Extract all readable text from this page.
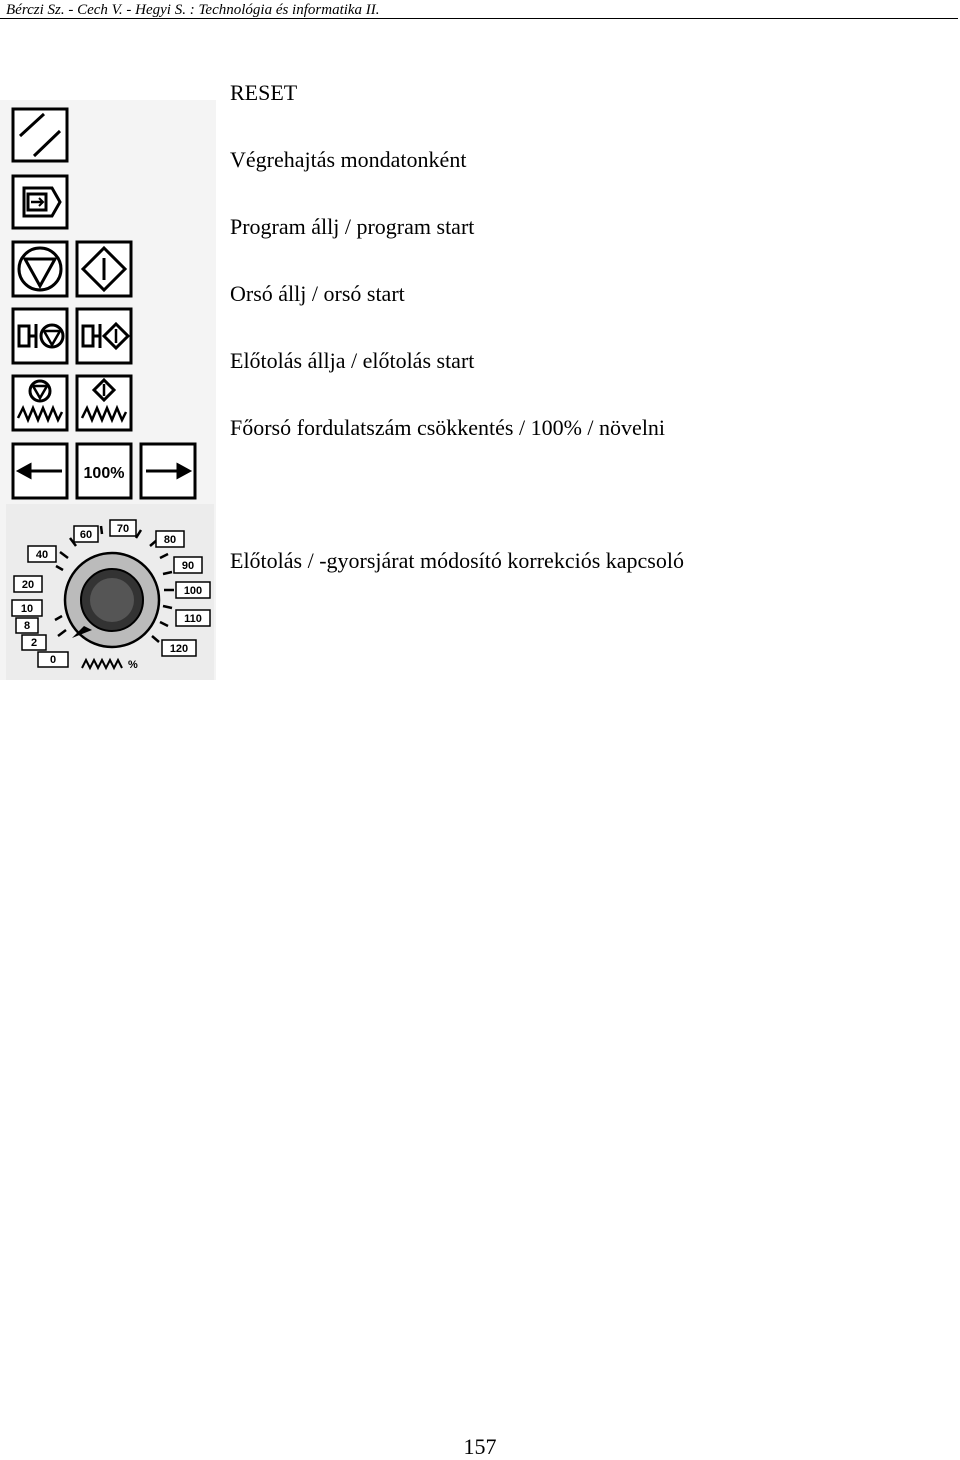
Bérczi Sz. - Cech V. - Hegyi S. : Technológia és informatika II.
RESET
Végrehajtás mondatonként
Program állj / program start
Orsó állj / orsó start
Előtolás állja / előtolás start
Főorsó fordulatszám csökkentés / 100% / növelni
Előtolás / -gyorsjárat módosító korrekciós kapcsoló
100%
40
60 70
80
90
100
110
120
20
10
8
2
0	%
157
